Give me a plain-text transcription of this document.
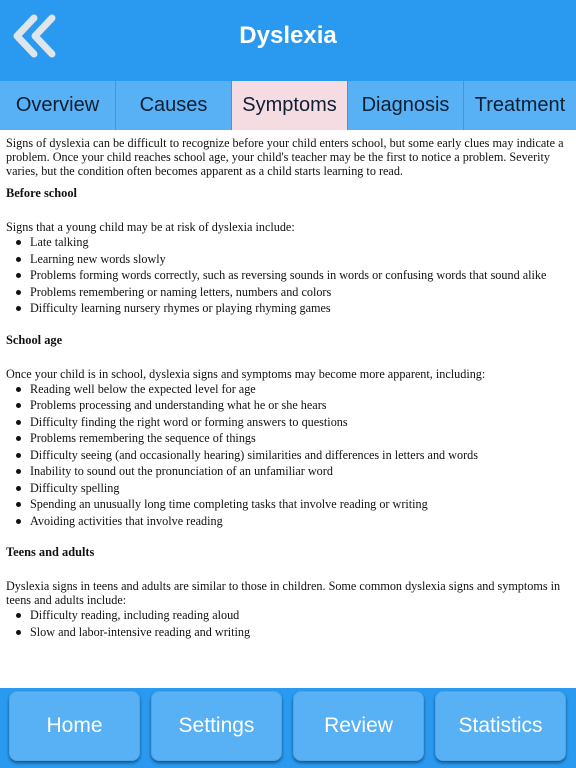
Dyslexia
Overview	Causes	Symptoms	Diagnosis	Treatment

Signs of dyslexia can be difficult to recognize before your child enters school, but some early clues may indicate a problem. Once your child reaches school age, your child's teacher may be the first to notice a problem. Severity varies, but the condition often becomes apparent as a child starts learning to read.

Before school

Signs that a young child may be at risk of dyslexia include:

Late talking
Learning new words slowly
Problems forming words correctly, such as reversing sounds in words or confusing words that sound alike
Problems remembering or naming letters, numbers and colors
Difficulty learning nursery rhymes or playing rhyming games
School age

Once your child is in school, dyslexia signs and symptoms may become more apparent, including:

Reading well below the expected level for age
Problems processing and understanding what he or she hears
Difficulty finding the right word or forming answers to questions
Problems remembering the sequence of things
Difficulty seeing (and occasionally hearing) similarities and differences in letters and words
Inability to sound out the pronunciation of an unfamiliar word
Difficulty spelling
Spending an unusually long time completing tasks that involve reading or writing
Avoiding activities that involve reading
Teens and adults

Dyslexia signs in teens and adults are similar to those in children. Some common dyslexia signs and symptoms in teens and adults include:

Difficulty reading, including reading aloud
Slow and labor-intensive reading and writing
Home	Settings	Review	Statistics
